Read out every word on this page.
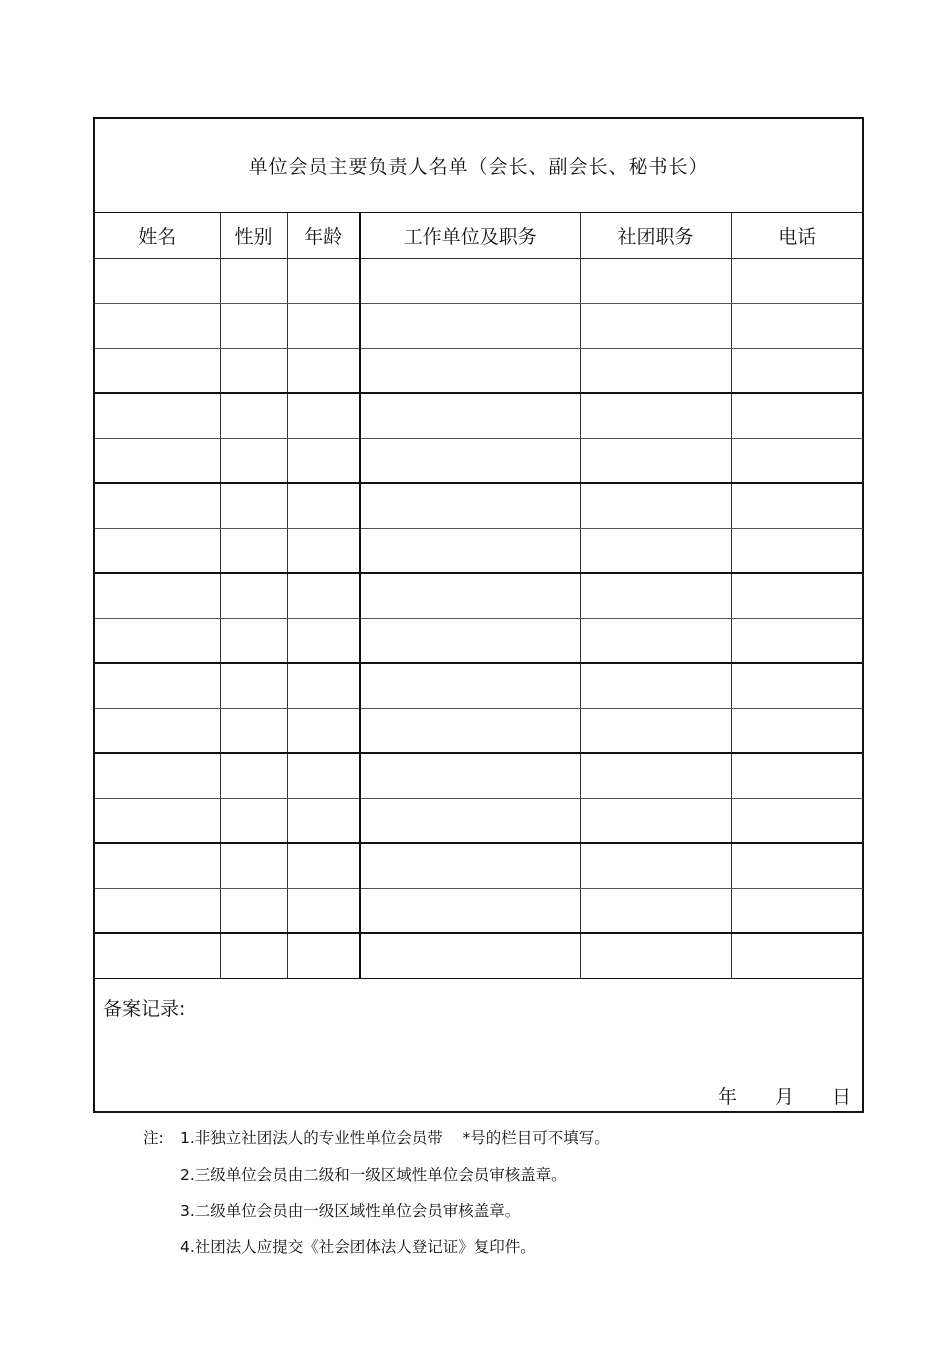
单位会员主要负责人名单（会长、副会长、秘书长）
姓名	性别	年龄	工作单位及职务	社团职务	电话

备案记录:
年 月 日
注: 1.非独立社团法人的专业性单位会员带    *号的栏目可不填写。
2.三级单位会员由二级和一级区域性单位会员审核盖章。
3.二级单位会员由一级区域性单位会员审核盖章。
4.社团法人应提交《社会团体法人登记证》复印件。
